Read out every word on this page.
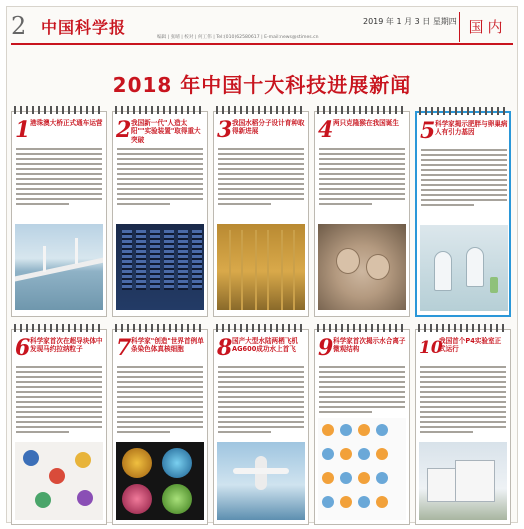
2 中国科学报	2019 年 1 月 3 日 星期四
编辑 | 张晴 | 校对 | 何工伟 | Tel:(010)62580617 | E-mail:news@stimes.cn
国内
2018 年中国十大科技进展新闻
1 港珠澳大桥正式通车运营 2 我国新一代"人造太阳""实验装置"取得重大突破	3 我国水稻分子设计育种取得新进展	4 两只克隆猴在我国诞生 5 科学家揭示肥胖与卵巢病人有引力基因
6 科学家首次在超导块体中发现马约拉纳粒子	7 科学家"创造"世界首例单条染色体真核细胞	8 国产大型水陆两栖飞机AG600成功水上首飞	9 科学家首次揭示水合离子微观结构	10
我国首个P4实验室正式运行
